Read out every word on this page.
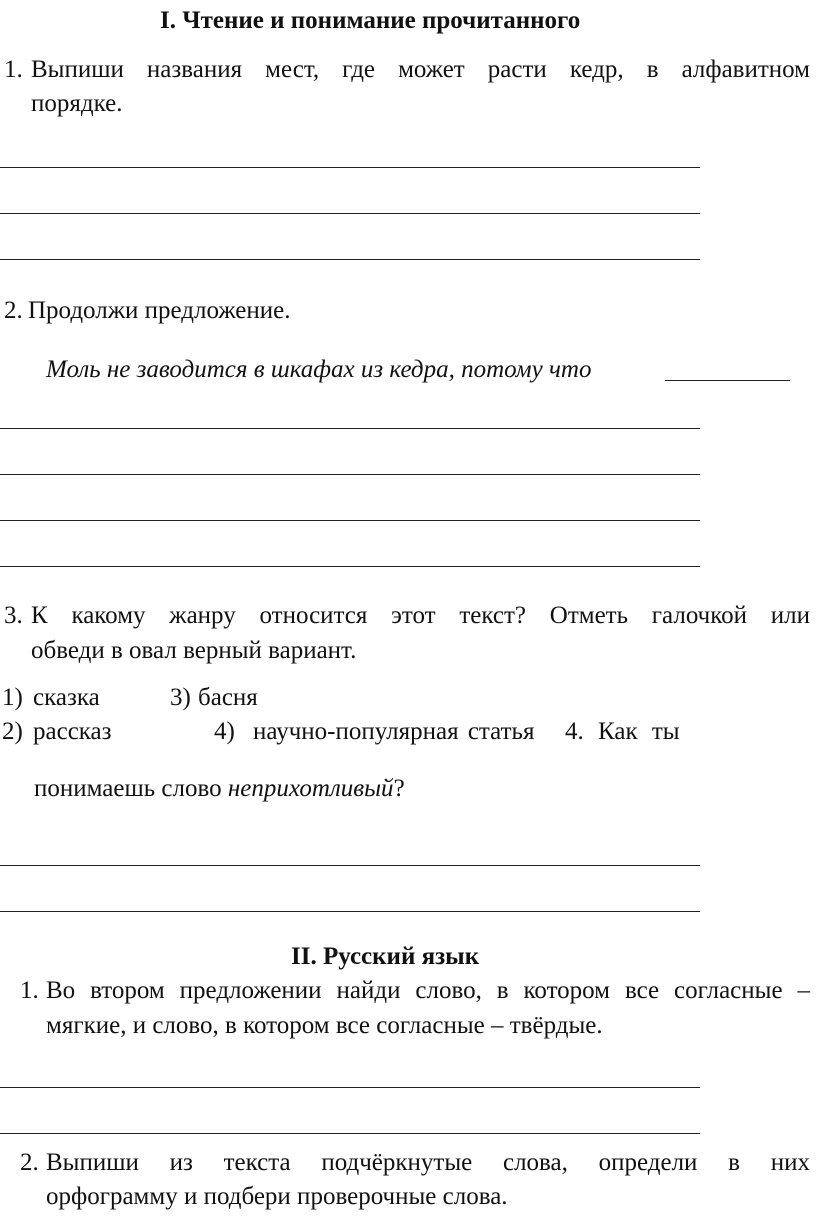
I. Чтение и понимание прочитанного
1. Выпиши названия мест, где может расти кедр, в алфавитном
порядке.
2. Продолжи предложение.
Моль не заводится в шкафах из кедра, потому что
3. К какому жанру относится этот текст? Отметь галочкой или
обведи в овал верный вариант.
1) сказка	3) басня
2) рассказ	4) научно-популярная статья 4. Как ты
понимаешь слово неприхотливый?
II. Русский язык
1. Во втором предложении найди слово, в котором все согласные –
мягкие, и слово, в котором все согласные – твёрдые.
2. Выпиши из текста подчёркнутые слова, определи в них
орфограмму и подбери проверочные слова.
